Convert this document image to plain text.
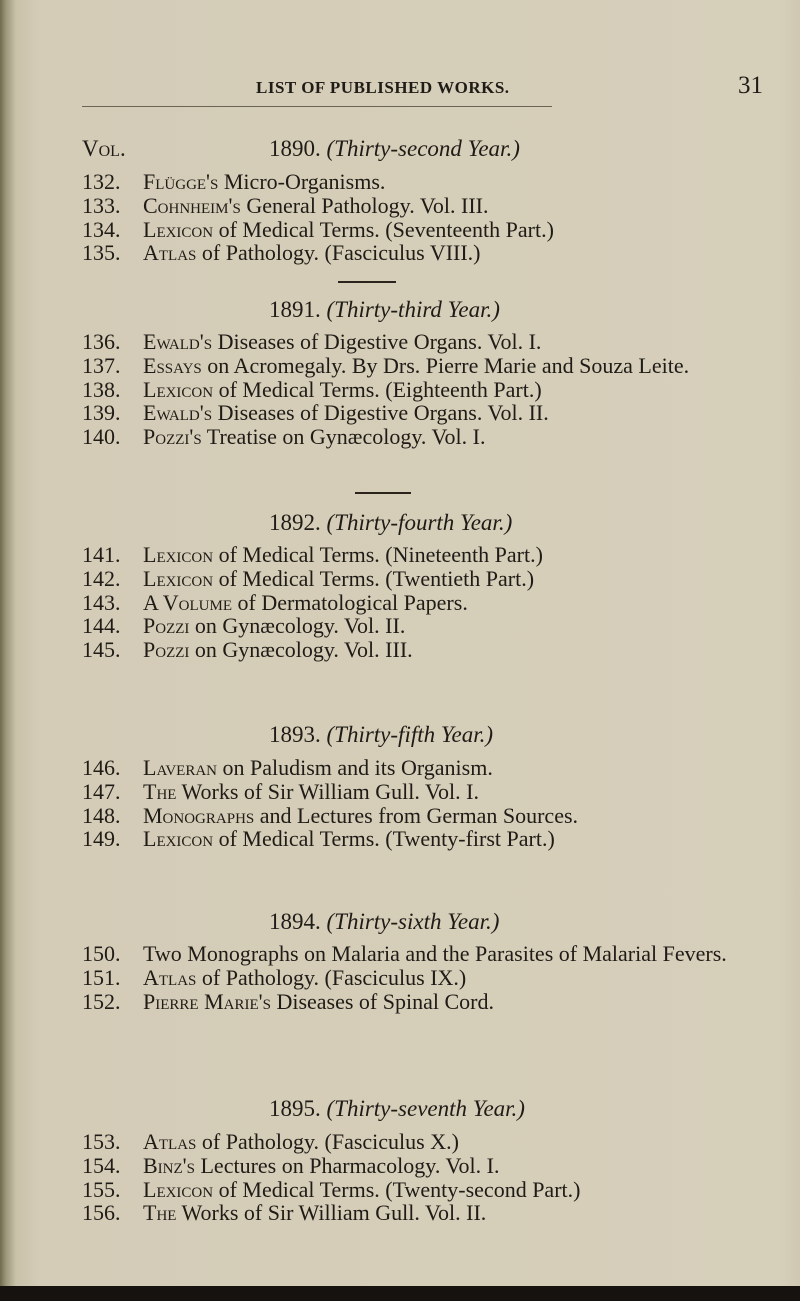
LIST OF PUBLISHED WORKS.	31
Vol.	1890. (Thirty-second Year.)
132. Flügge's Micro-Organisms.
133. Cohnheim's General Pathology. Vol. III.
134. Lexicon of Medical Terms. (Seventeenth Part.)
135. Atlas of Pathology. (Fasciculus VIII.)
1891. (Thirty-third Year.)
136. Ewald's Diseases of Digestive Organs. Vol. I.
137. Essays on Acromegaly. By Drs. Pierre Marie and Souza Leite.
138. Lexicon of Medical Terms. (Eighteenth Part.)
139. Ewald's Diseases of Digestive Organs. Vol. II.
140. Pozzi's Treatise on Gynæcology. Vol. I.
1892. (Thirty-fourth Year.)
141. Lexicon of Medical Terms. (Nineteenth Part.)
142. Lexicon of Medical Terms. (Twentieth Part.)
143. A Volume of Dermatological Papers.
144. Pozzi on Gynæcology. Vol. II.
145. Pozzi on Gynæcology. Vol. III.
1893. (Thirty-fifth Year.)
146. Laveran on Paludism and its Organism.
147. The Works of Sir William Gull. Vol. I.
148. Monographs and Lectures from German Sources.
149. Lexicon of Medical Terms. (Twenty-first Part.)
1894. (Thirty-sixth Year.)
150. Two Monographs on Malaria and the Parasites of Malarial Fevers.
151. Atlas of Pathology. (Fasciculus IX.)
152. Pierre Marie's Diseases of Spinal Cord.
1895. (Thirty-seventh Year.)
153. Atlas of Pathology. (Fasciculus X.)
154. Binz's Lectures on Pharmacology. Vol. I.
155. Lexicon of Medical Terms. (Twenty-second Part.)
156. The Works of Sir William Gull. Vol. II.
